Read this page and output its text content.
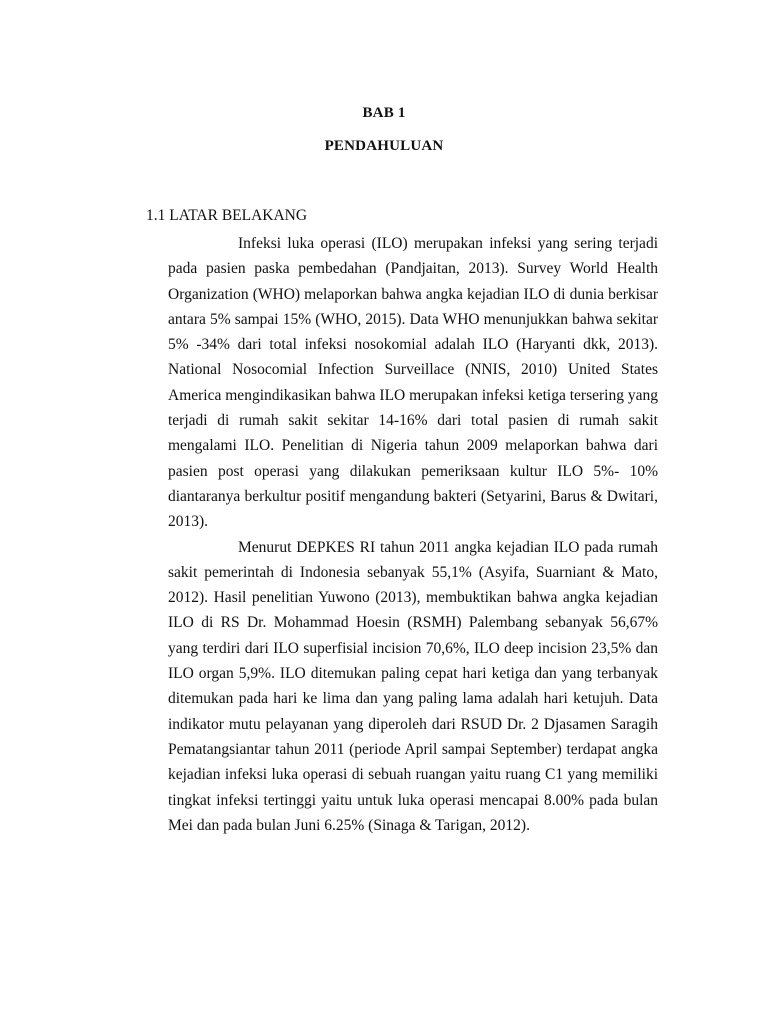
BAB 1
PENDAHULUAN
1.1 LATAR BELAKANG

Infeksi luka operasi (ILO) merupakan infeksi yang sering terjadi pada pasien paska pembedahan (Pandjaitan, 2013). Survey World Health Organization (WHO) melaporkan bahwa angka kejadian ILO di dunia berkisar antara 5% sampai 15% (WHO, 2015). Data WHO menunjukkan bahwa sekitar 5% -34% dari total infeksi nosokomial adalah ILO (Haryanti dkk, 2013). National Nosocomial Infection Surveillace (NNIS, 2010) United States America mengindikasikan bahwa ILO merupakan infeksi ketiga tersering yang terjadi di rumah sakit sekitar 14-16% dari total pasien di rumah sakit mengalami ILO. Penelitian di Nigeria tahun 2009 melaporkan bahwa dari pasien post operasi yang dilakukan pemeriksaan kultur ILO 5%- 10% diantaranya berkultur positif mengandung bakteri (Setyarini, Barus & Dwitari, 2013).

Menurut DEPKES RI tahun 2011 angka kejadian ILO pada rumah sakit pemerintah di Indonesia sebanyak 55,1% (Asyifa, Suarniant & Mato, 2012). Hasil penelitian Yuwono (2013), membuktikan bahwa angka kejadian ILO di RS Dr. Mohammad Hoesin (RSMH) Palembang sebanyak 56,67% yang terdiri dari ILO superfisial incision 70,6%, ILO deep incision 23,5% dan ILO organ 5,9%. ILO ditemukan paling cepat hari ketiga dan yang terbanyak ditemukan pada hari ke lima dan yang paling lama adalah hari ketujuh. Data indikator mutu pelayanan yang diperoleh dari RSUD Dr. 2 Djasamen Saragih Pematangsiantar tahun 2011 (periode April sampai September) terdapat angka kejadian infeksi luka operasi di sebuah ruangan yaitu ruang C1 yang memiliki tingkat infeksi tertinggi yaitu untuk luka operasi mencapai 8.00% pada bulan Mei dan pada bulan Juni 6.25% (Sinaga & Tarigan, 2012).
